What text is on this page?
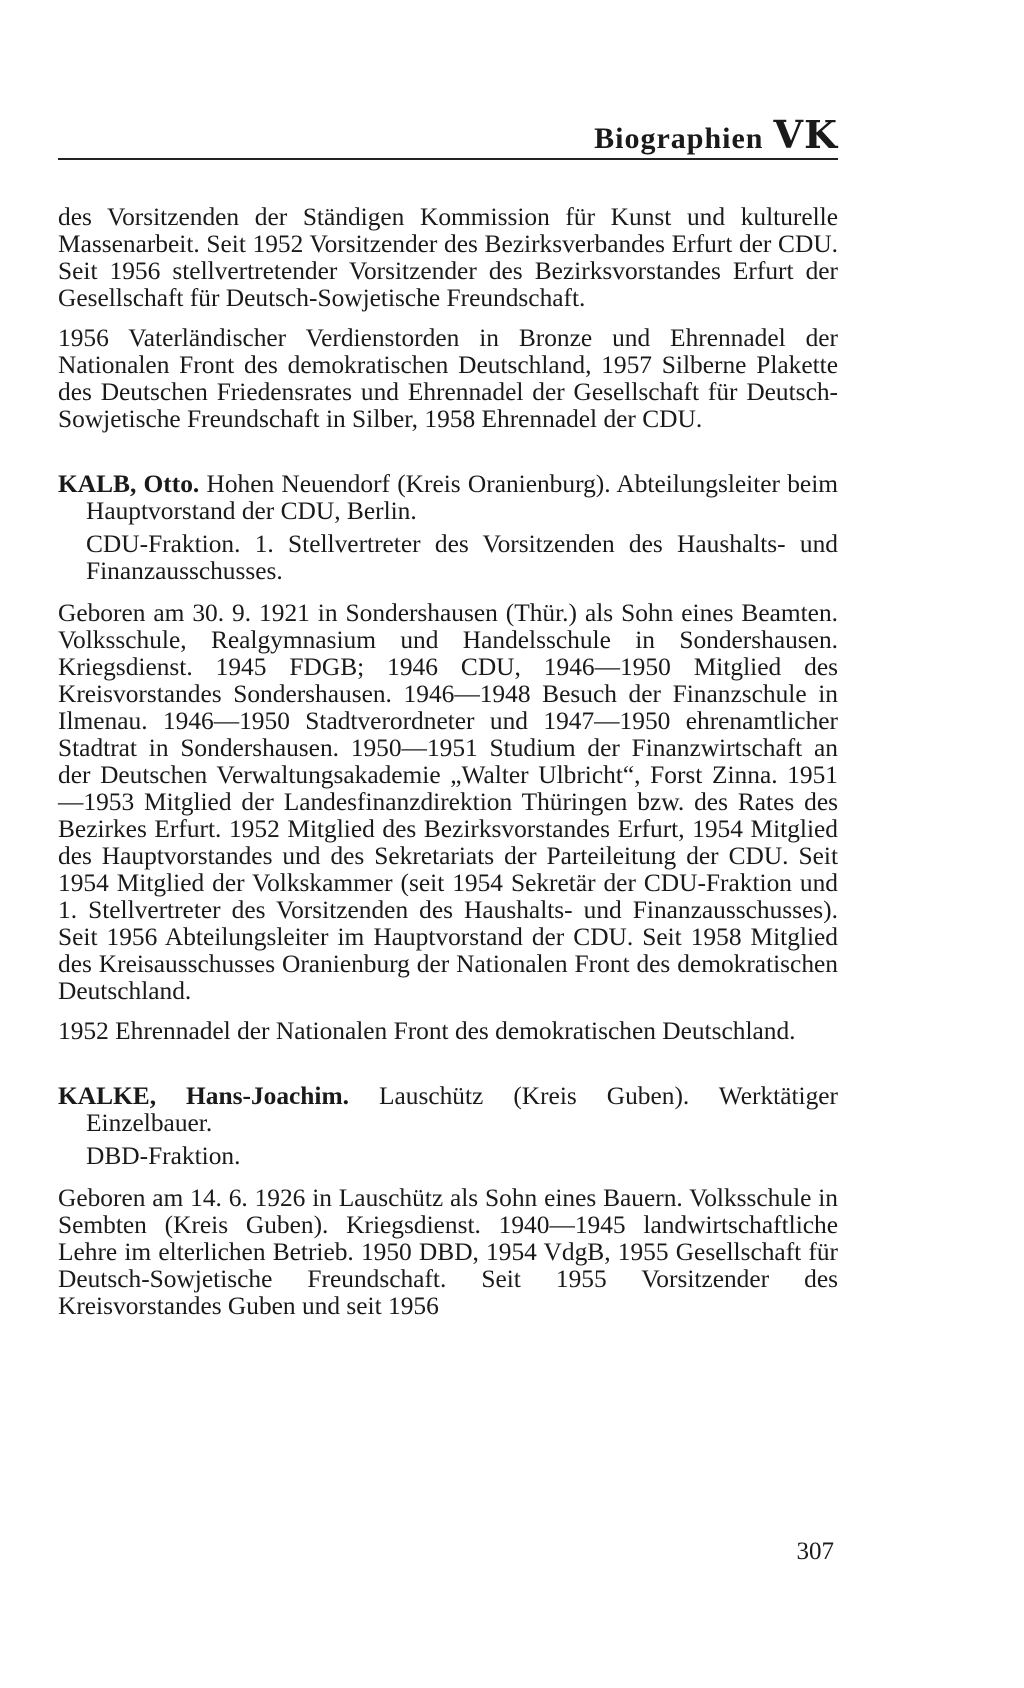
Biographien VK

des Vorsitzenden der Ständigen Kommission für Kunst und kulturelle Massenarbeit. Seit 1952 Vorsitzender des Bezirksverbandes Erfurt der CDU. Seit 1956 stellvertretender Vorsitzender des Bezirksvorstandes Erfurt der Gesellschaft für Deutsch-Sowjetische Freundschaft.

1956 Vaterländischer Verdienstorden in Bronze und Ehrennadel der Nationalen Front des demokratischen Deutschland, 1957 Silberne Plakette des Deutschen Friedensrates und Ehrennadel der Gesellschaft für Deutsch-Sowjetische Freundschaft in Silber, 1958 Ehrennadel der CDU.

KALB, Otto. Hohen Neuendorf (Kreis Oranienburg). Abteilungsleiter beim Hauptvorstand der CDU, Berlin.

CDU-Fraktion. 1. Stellvertreter des Vorsitzenden des Haushalts- und Finanzausschusses.

Geboren am 30. 9. 1921 in Sondershausen (Thür.) als Sohn eines Beamten. Volksschule, Realgymnasium und Handelsschule in Sondershausen. Kriegsdienst. 1945 FDGB; 1946 CDU, 1946—1950 Mitglied des Kreisvorstandes Sondershausen. 1946—1948 Besuch der Finanzschule in Ilmenau. 1946—1950 Stadtverordneter und 1947—1950 ehrenamtlicher Stadtrat in Sondershausen. 1950—1951 Studium der Finanzwirtschaft an der Deutschen Verwaltungsakademie „Walter Ulbricht“, Forst Zinna. 1951—1953 Mitglied der Landesfinanzdirektion Thüringen bzw. des Rates des Bezirkes Erfurt. 1952 Mitglied des Bezirksvorstandes Erfurt, 1954 Mitglied des Hauptvorstandes und des Sekretariats der Parteileitung der CDU. Seit 1954 Mitglied der Volkskammer (seit 1954 Sekretär der CDU-Fraktion und 1. Stellvertreter des Vorsitzenden des Haushalts- und Finanzausschusses). Seit 1956 Abteilungsleiter im Hauptvorstand der CDU. Seit 1958 Mitglied des Kreisausschusses Oranienburg der Nationalen Front des demokratischen Deutschland.

1952 Ehrennadel der Nationalen Front des demokratischen Deutschland.

KALKE, Hans-Joachim. Lauschütz (Kreis Guben). Werktätiger Einzelbauer.

DBD-Fraktion.

Geboren am 14. 6. 1926 in Lauschütz als Sohn eines Bauern. Volksschule in Sembten (Kreis Guben). Kriegsdienst. 1940—1945 landwirtschaftliche Lehre im elterlichen Betrieb. 1950 DBD, 1954 VdgB, 1955 Gesellschaft für Deutsch-Sowjetische Freundschaft. Seit 1955 Vorsitzender des Kreisvorstandes Guben und seit 1956

307
